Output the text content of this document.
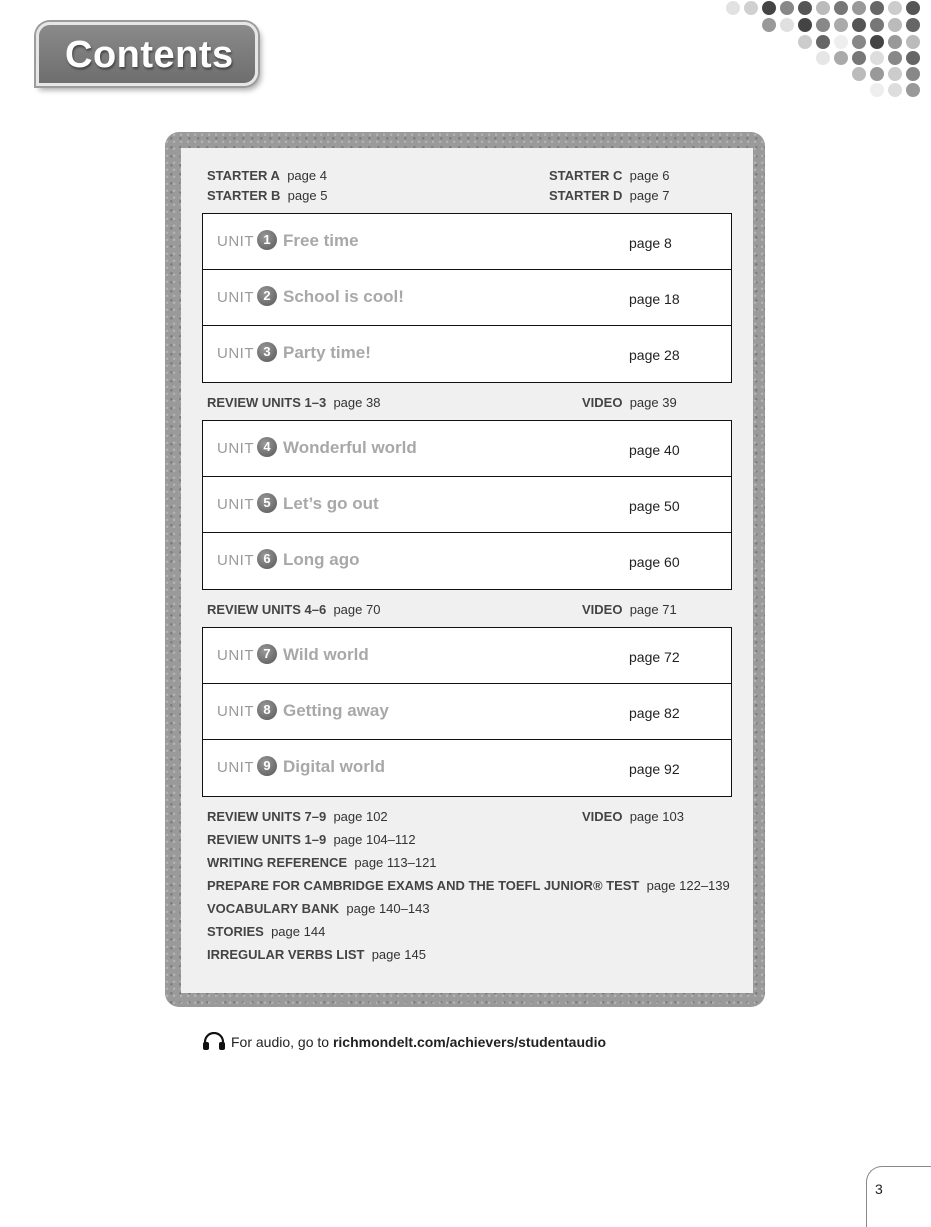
Contents
STARTER A page 4
STARTER B page 5
STARTER C page 6
STARTER D page 7
UNIT 1 Free time	page 8
UNIT 2 School is cool!	page 18
UNIT 3 Party time!	page 28
REVIEW UNITS 1–3 page 38	VIDEO page 39
UNIT 4 Wonderful world	page 40
UNIT 5 Let’s go out	page 50
UNIT 6 Long ago	page 60
REVIEW UNITS 4–6 page 70	VIDEO page 71
UNIT 7 Wild world	page 72
UNIT 8 Getting away	page 82
UNIT 9 Digital world	page 92
REVIEW UNITS 7–9 page 102	VIDEO page 103
REVIEW UNITS 1–9 page 104–112
WRITING REFERENCE page 113–121
PREPARE FOR CAMBRIDGE EXAMS AND THE TOEFL JUNIOR® TEST page 122–139
VOCABULARY BANK page 140–143
STORIES page 144
IRREGULAR VERBS LIST page 145
For audio, go to richmondelt.com/achievers/studentaudio
3
